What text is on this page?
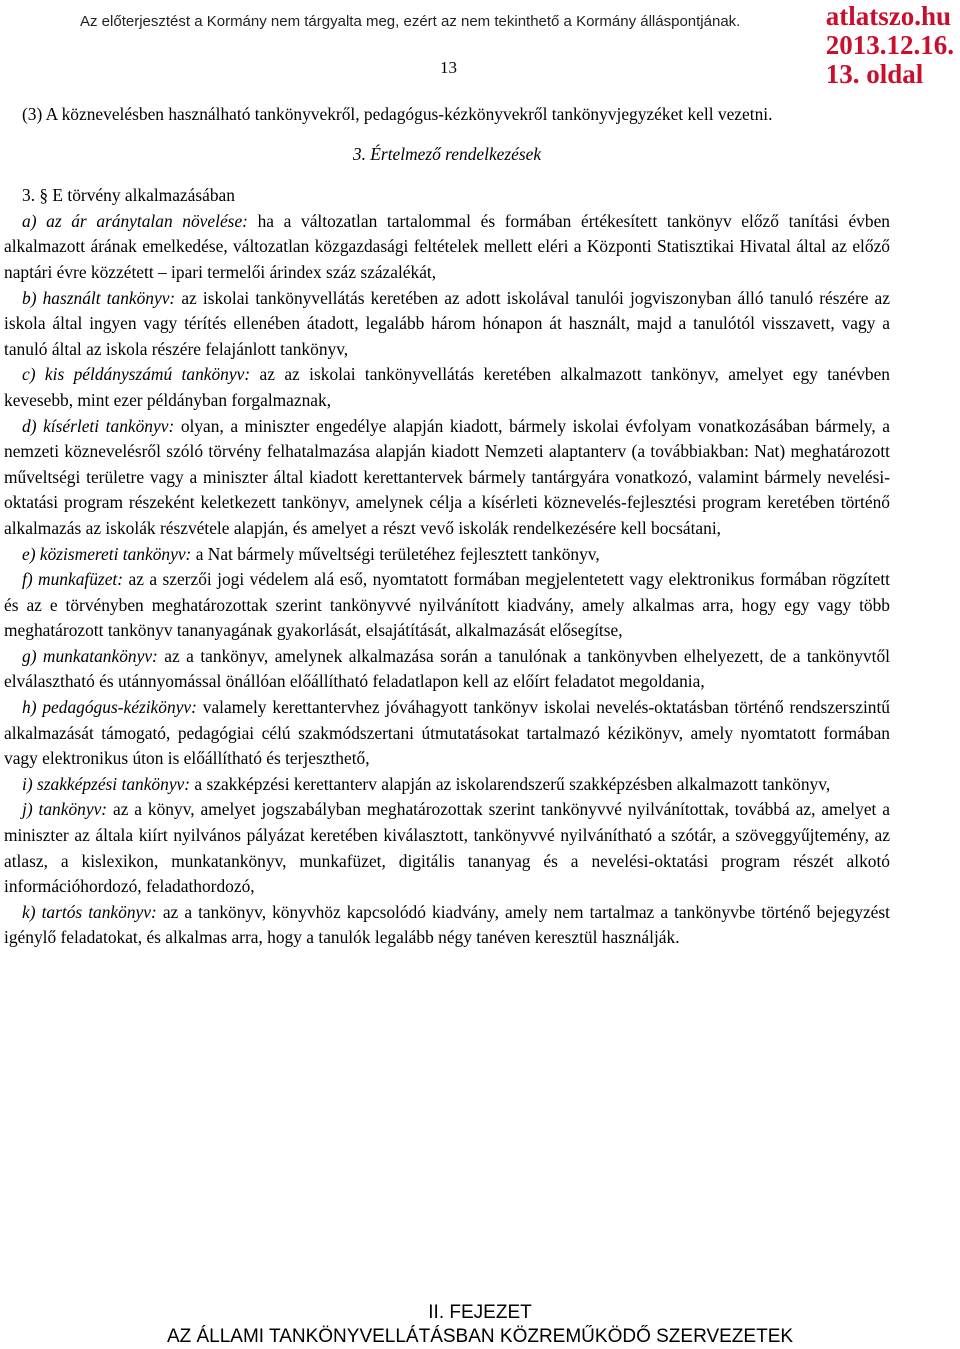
Az előterjesztést a Kormány nem tárgyalta meg, ezért az nem tekinthető a Kormány álláspontjának.	atlatszo.hu
2013.12.16.
13. oldal
13

(3) A köznevelésben használható tankönyvekről, pedagógus-kézkönyvekről tankönyvjegyzéket kell vezetni.

3. Értelmező rendelkezések

3. § E törvény alkalmazásában

a) az ár aránytalan növelése: ha a változatlan tartalommal és formában értékesített tankönyv előző tanítási évben alkalmazott árának emelkedése, változatlan közgazdasági feltételek mellett eléri a Központi Statisztikai Hivatal által az előző naptári évre közzétett – ipari termelői árindex száz százalékát,

b) használt tankönyv: az iskolai tankönyvellátás keretében az adott iskolával tanulói jogviszonyban álló tanuló részére az iskola által ingyen vagy térítés ellenében átadott, legalább három hónapon át használt, majd a tanulótól visszavett, vagy a tanuló által az iskola részére felajánlott tankönyv,

c) kis példányszámú tankönyv: az az iskolai tankönyvellátás keretében alkalmazott tankönyv, amelyet egy tanévben kevesebb, mint ezer példányban forgalmaznak,

d) kísérleti tankönyv: olyan, a miniszter engedélye alapján kiadott, bármely iskolai évfolyam vonatkozásában bármely, a nemzeti köznevelésről szóló törvény felhatalmazása alapján kiadott Nemzeti alaptanterv (a továbbiakban: Nat) meghatározott műveltségi területre vagy a miniszter által kiadott kerettantervek bármely tantárgyára vonatkozó, valamint bármely nevelési-oktatási program részeként keletkezett tankönyv, amelynek célja a kísérleti köznevelés-fejlesztési program keretében történő alkalmazás az iskolák részvétele alapján, és amelyet a részt vevő iskolák rendelkezésére kell bocsátani,

e) közismereti tankönyv: a Nat bármely műveltségi területéhez fejlesztett tankönyv,

f) munkafüzet: az a szerzői jogi védelem alá eső, nyomtatott formában megjelentetett vagy elektronikus formában rögzített és az e törvényben meghatározottak szerint tankönyvvé nyilvánított kiadvány, amely alkalmas arra, hogy egy vagy több meghatározott tankönyv tananyagának gyakorlását, elsajátítását, alkalmazását elősegítse,

g) munkatankönyv: az a tankönyv, amelynek alkalmazása során a tanulónak a tankönyvben elhelyezett, de a tankönyvtől elválasztható és utánnyomással önállóan előállítható feladatlapon kell az előírt feladatot megoldania,

h) pedagógus-kézikönyv: valamely kerettantervhez jóváhagyott tankönyv iskolai nevelés-oktatásban történő rendszerszintű alkalmazását támogató, pedagógiai célú szakmódszertani útmutatásokat tartalmazó kézikönyv, amely nyomtatott formában vagy elektronikus úton is előállítható és terjeszthető,

i) szakképzési tankönyv: a szakképzési kerettanterv alapján az iskolarendszerű szakképzésben alkalmazott tankönyv,

j) tankönyv: az a könyv, amelyet jogszabályban meghatározottak szerint tankönyvvé nyilvánítottak, továbbá az, amelyet a miniszter az általa kiírt nyilvános pályázat keretében kiválasztott, tankönyvvé nyilvánítható a szótár, a szöveggyűjtemény, az atlasz, a kislexikon, munkatankönyv, munkafüzet, digitális tananyag és a nevelési-oktatási program részét alkotó információhordozó, feladathordozó,

k) tartós tankönyv: az a tankönyv, könyvhöz kapcsolódó kiadvány, amely nem tartalmaz a tankönyvbe történő bejegyzést igénylő feladatokat, és alkalmas arra, hogy a tanulók legalább négy tanéven keresztül használják.

II. FEJEZET
AZ ÁLLAMI TANKÖNYVELLÁTÁSBAN KÖZREMŰKÖDŐ SZERVEZETEK
